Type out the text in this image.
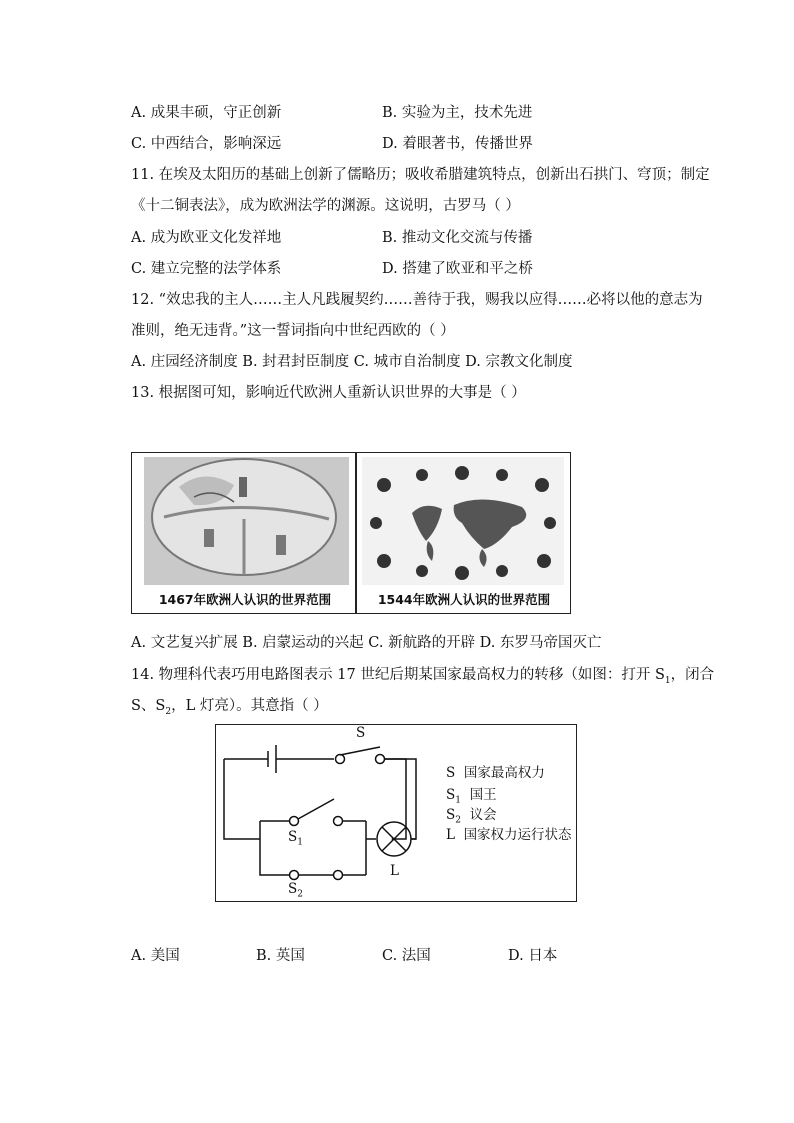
A. 成果丰硕，守正创新	B. 实验为主，技术先进
C. 中西结合，影响深远	D. 着眼著书，传播世界
11. 在埃及太阳历的基础上创新了儒略历；吸收希腊建筑特点，创新出石拱门、穹顶；制定
《十二铜表法》，成为欧洲法学的渊源。这说明，古罗马（ ）
A. 成为欧亚文化发祥地	B. 推动文化交流与传播
C. 建立完整的法学体系	D. 搭建了欧亚和平之桥
12. “效忠我的主人……主人凡践履契约……善待于我，赐我以应得……必将以他的意志为
准则，绝无违背。”这一誓词指向中世纪西欧的（ ）
A. 庄园经济制度 B. 封君封臣制度 C. 城市自治制度 D. 宗教文化制度
13. 根据图可知，影响近代欧洲人重新认识世界的大事是（ ）
1467年欧洲人认识的世界范围	1544年欧洲人认识的世界范围
A. 文艺复兴扩展 B. 启蒙运动的兴起 C. 新航路的开辟 D. 东罗马帝国灭亡
14. 物理科代表巧用电路图表示 17 世纪后期某国家最高权力的转移（如图：打开 $S_1$，闭合
S、$S_2$，L 灯亮）。其意指（ ）
S
$S_1$
$S_2$
L
S 国家最高权力
$S_1$ 国王
$S_2$ 议会
L 国家权力运行状态
A. 美国	B. 英国	C. 法国	D. 日本
